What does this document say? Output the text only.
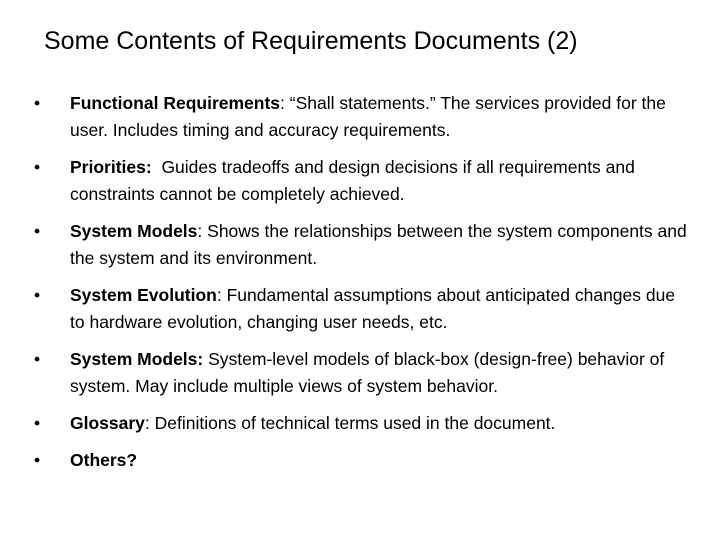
Some Contents of Requirements Documents (2)
•	Functional Requirements: “Shall statements.” The services provided for the user. Includes timing and accuracy requirements.
•	Priorities: Guides tradeoffs and design decisions if all requirements and constraints cannot be completely achieved.
•	System Models: Shows the relationships between the system components and the system and its environment.
•	System Evolution: Fundamental assumptions about anticipated changes due to hardware evolution, changing user needs, etc.
•	System Models: System-level models of black-box (design-free) behavior of system. May include multiple views of system behavior.
•	Glossary: Definitions of technical terms used in the document.
•	Others?
